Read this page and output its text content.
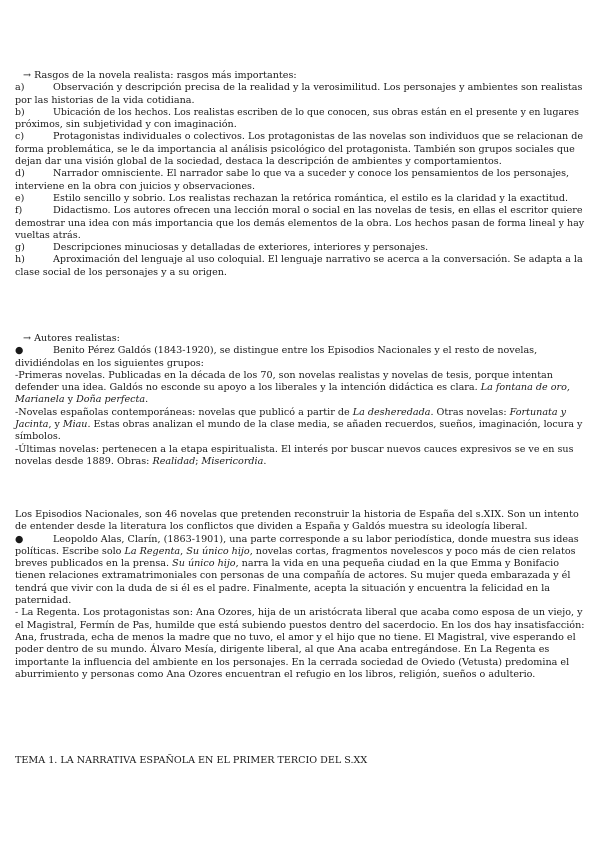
→ Rasgos de la novela realista: rasgos más importantes:
a)	Observación y descripción precisa de la realidad y la verosimilitud. Los personajes y ambientes son realistas
por las historias de la vida cotidiana.
b)	Ubicación de los hechos. Los realistas escriben de lo que conocen, sus obras están en el presente y en lugares
próximos, sin subjetividad y con imaginación.
c)	Protagonistas individuales o colectivos. Los protagonistas de las novelas son individuos que se relacionan de
forma problemática, se le da importancia al análisis psicológico del protagonista. También son grupos sociales que
dejan dar una visión global de la sociedad, destaca la descripción de ambientes y comportamientos.
d)	Narrador omnisciente. El narrador sabe lo que va a suceder y conoce los pensamientos de los personajes,
interviene en la obra con juicios y observaciones.
e)	Estilo sencillo y sobrio. Los realistas rechazan la retórica romántica, el estilo es la claridad y la exactitud.
f)	Didactismo. Los autores ofrecen una lección moral o social en las novelas de tesis, en ellas el escritor quiere
demostrar una idea con más importancia que los demás elementos de la obra. Los hechos pasan de forma lineal y hay
vueltas atrás.
g)	Descripciones minuciosas y detalladas de exteriores, interiores y personajes.
h)	Aproximación del lenguaje al uso coloquial. El lenguaje narrativo se acerca a la conversación. Se adapta a la
clase social de los personajes y a su origen.
→ Autores realistas:
●	Benito Pérez Galdós (1843-1920), se distingue entre los Episodios Nacionales y el resto de novelas,
dividiéndolas en los siguientes grupos:
-Primeras novelas. Publicadas en la década de los 70, son novelas realistas y novelas de tesis, porque intentan
defender una idea. Galdós no esconde su apoyo a los liberales y la intención didáctica es clara. La fontana de oro,
Marianela y Doña perfecta.
-Novelas españolas contemporáneas: novelas que publicó a partir de La desheredada. Otras novelas: Fortunata y
Jacinta, y Miau. Estas obras analizan el mundo de la clase media, se añaden recuerdos, sueños, imaginación, locura y
símbolos.
-Últimas novelas: pertenecen a la etapa espiritualista. El interés por buscar nuevos cauces expresivos se ve en sus
novelas desde 1889. Obras: Realidad; Misericordia.
Los Episodios Nacionales, son 46 novelas que pretenden reconstruir la historia de España del s.XIX. Son un intento
de entender desde la literatura los conflictos que dividen a España y Galdós muestra su ideología liberal.
●	Leopoldo Alas, Clarín, (1863-1901), una parte corresponde a su labor periodística, donde muestra sus ideas
políticas. Escribe solo La Regenta, Su único hijo, novelas cortas, fragmentos novelescos y poco más de cien relatos
breves publicados en la prensa. Su único hijo, narra la vida en una pequeña ciudad en la que Emma y Bonifacio
tienen relaciones extramatrimoniales con personas de una compañía de actores. Su mujer queda embarazada y él
tendrá que vivir con la duda de si él es el padre. Finalmente, acepta la situación y encuentra la felicidad en la
paternidad.
- La Regenta. Los protagonistas son: Ana Ozores, hija de un aristócrata liberal que acaba como esposa de un viejo, y
el Magistral, Fermín de Pas, humilde que está subiendo puestos dentro del sacerdocio. En los dos hay insatisfacción:
Ana, frustrada, echa de menos la madre que no tuvo, el amor y el hijo que no tiene. El Magistral, vive esperando el
poder dentro de su mundo. Álvaro Mesía, dirigente liberal, al que Ana acaba entregándose. En La Regenta es
importante la influencia del ambiente en los personajes. En la cerrada sociedad de Oviedo (Vetusta) predomina el
aburrimiento y personas como Ana Ozores encuentran el refugio en los libros, religión, sueños o adulterio.
TEMA 1. LA NARRATIVA ESPAÑOLA EN EL PRIMER TERCIO DEL S.XX
